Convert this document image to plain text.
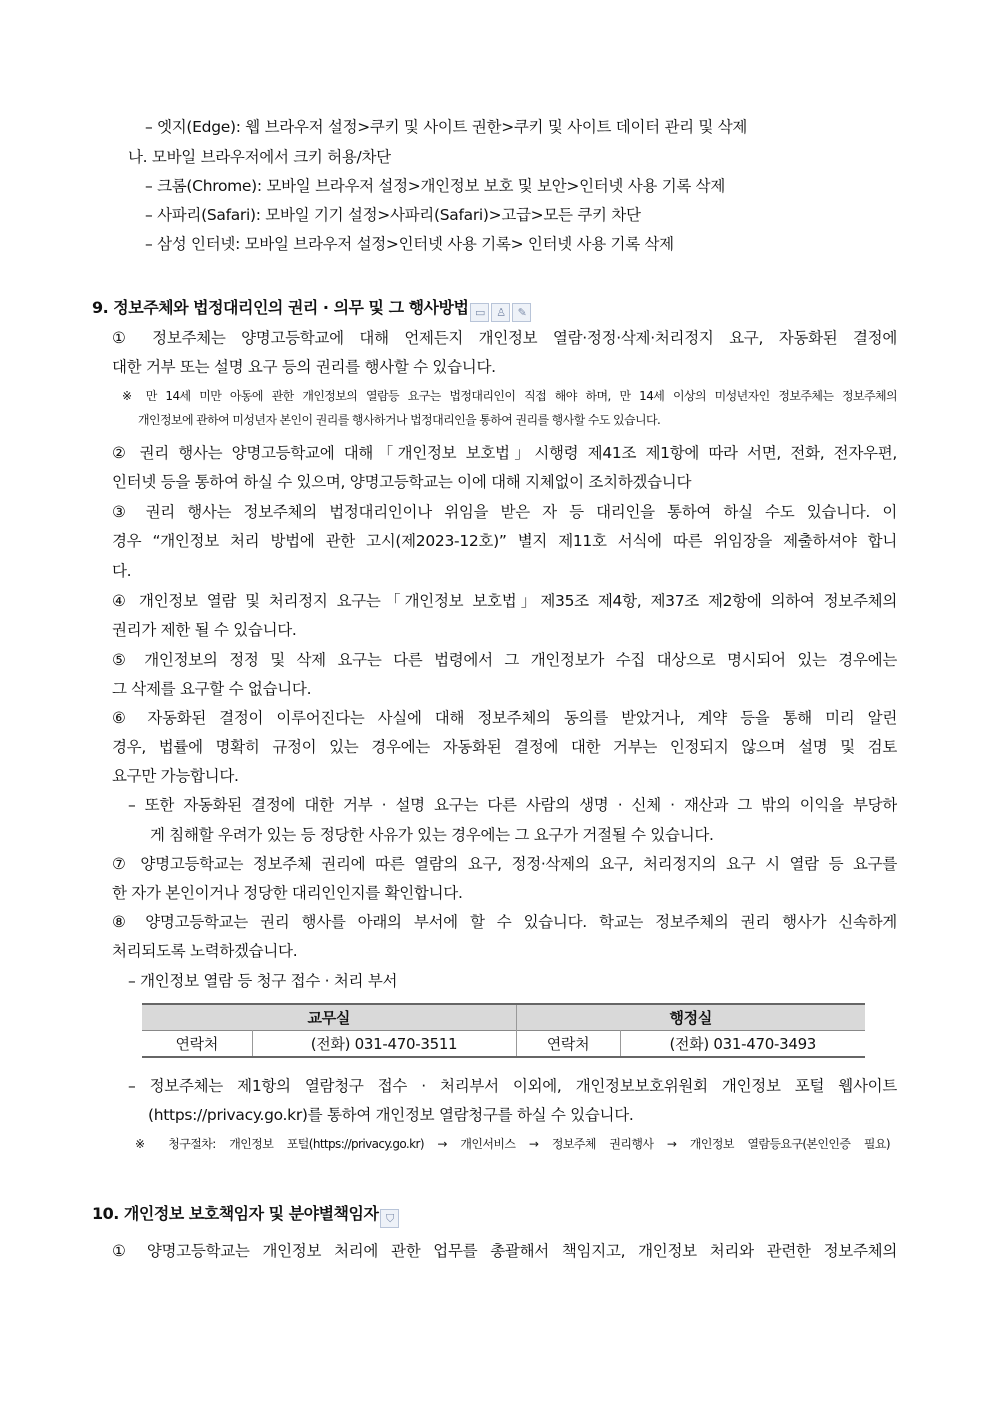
– 엣지(Edge): 웹 브라우저 설정>쿠키 및 사이트 권한>쿠키 및 사이트 데이터 관리 및 삭제
나. 모바일 브라우저에서 크키 허용/차단
– 크롬(Chrome): 모바일 브라우저 설정>개인정보 보호 및 보안>인터넷 사용 기록 삭제
– 사파리(Safari): 모바일 기기 설정>사파리(Safari)>고급>모든 쿠키 차단
– 삼성 인터넷: 모바일 브라우저 설정>인터넷 사용 기록> 인터넷 사용 기록 삭제
9. 정보주체와 법정대리인의 권리 · 의무 및 그 행사방법 ▭ ♙ ✎
① 정보주체는 양명고등학교에 대해 언제든지 개인정보 열람·정정·삭제·처리정지 요구, 자동화된 결정에
대한 거부 또는 설명 요구 등의 권리를 행사할 수 있습니다.
※ 만 14세 미만 아동에 관한 개인정보의 열람등 요구는 법정대리인이 직접 해야 하며, 만 14세 이상의 미성년자인 정보주체는 정보주체의
개인정보에 관하여 미성년자 본인이 권리를 행사하거나 법정대리인을 통하여 권리를 행사할 수도 있습니다.
② 권리 행사는 양명고등학교에 대해「개인정보 보호법」시행령 제41조 제1항에 따라 서면, 전화, 전자우편,
인터넷 등을 통하여 하실 수 있으며, 양명고등학교는 이에 대해 지체없이 조치하겠습니다
③ 권리 행사는 정보주체의 법정대리인이나 위임을 받은 자 등 대리인을 통하여 하실 수도 있습니다. 이
경우 “개인정보 처리 방법에 관한 고시(제2023-12호)” 별지 제11호 서식에 따른 위임장을 제출하셔야 합니
다.
④ 개인정보 열람 및 처리정지 요구는「개인정보 보호법」제35조 제4항, 제37조 제2항에 의하여 정보주체의
권리가 제한 될 수 있습니다.
⑤ 개인정보의 정정 및 삭제 요구는 다른 법령에서 그 개인정보가 수집 대상으로 명시되어 있는 경우에는
그 삭제를 요구할 수 없습니다.
⑥ 자동화된 결정이 이루어진다는 사실에 대해 정보주체의 동의를 받았거나, 계약 등을 통해 미리 알린
경우, 법률에 명확히 규정이 있는 경우에는 자동화된 결정에 대한 거부는 인정되지 않으며 설명 및 검토
요구만 가능합니다.
– 또한 자동화된 결정에 대한 거부 · 설명 요구는 다른 사람의 생명 · 신체 · 재산과 그 밖의 이익을 부당하
게 침해할 우려가 있는 등 정당한 사유가 있는 경우에는 그 요구가 거절될 수 있습니다.
⑦ 양명고등학교는 정보주체 권리에 따른 열람의 요구, 정정·삭제의 요구, 처리정지의 요구 시 열람 등 요구를
한 자가 본인이거나 정당한 대리인인지를 확인합니다.
⑧ 양명고등학교는 권리 행사를 아래의 부서에 할 수 있습니다. 학교는 정보주체의 권리 행사가 신속하게
처리되도록 노력하겠습니다.
– 개인정보 열람 등 청구 접수 · 처리 부서
교무실		행정실	
연락처	(전화) 031-470-3511	연락처	(전화) 031-470-3493
– 정보주체는 제1항의 열람청구 접수 · 처리부서 이외에, 개인정보보호위원회 개인정보 포털 웹사이트
(https://privacy.go.kr)를 통하여 개인정보 열람청구를 하실 수 있습니다.
※ 청구절차: 개인정보 포털(https://privacy.go.kr) → 개인서비스 → 정보주체 권리행사 → 개인정보 열람등요구(본인인증 필요)
10. 개인정보 보호책임자 및 분야별책임자 ⛉
① 양명고등학교는 개인정보 처리에 관한 업무를 총괄해서 책임지고, 개인정보 처리와 관련한 정보주체의
